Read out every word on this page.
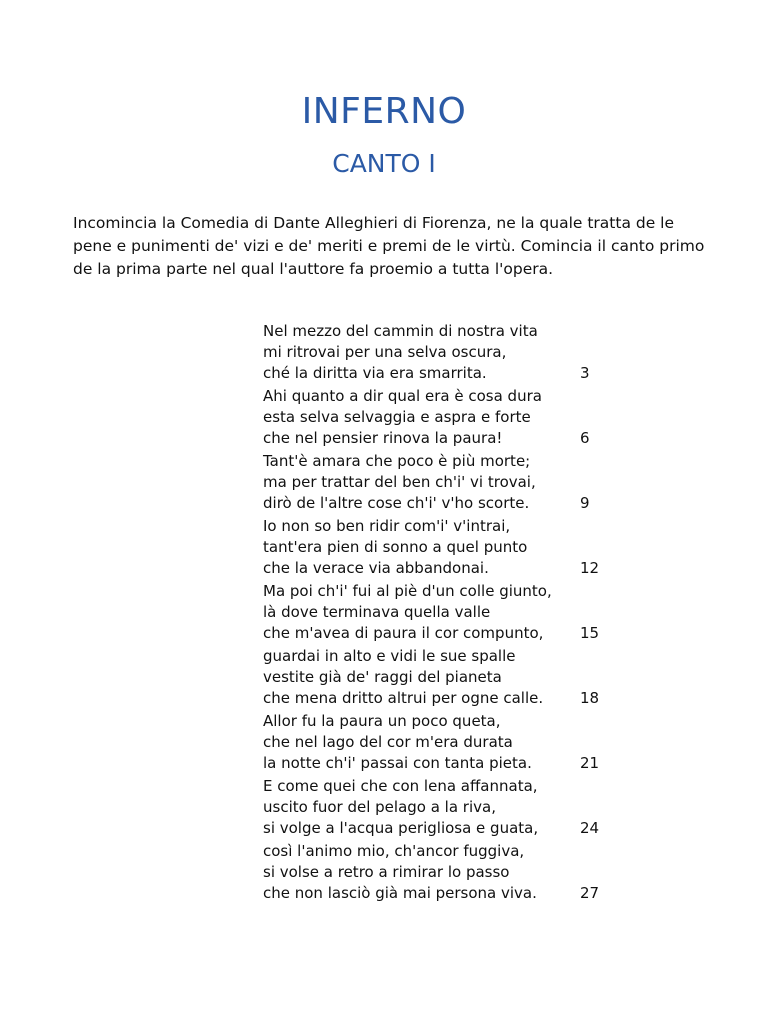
INFERNO
CANTO I
Incomincia la Comedia di Dante Alleghieri di Fiorenza, ne la quale tratta de le pene e punimenti de' vizi e de' meriti e premi de le virtù. Comincia il canto primo de la prima parte nel qual l'auttore fa proemio a tutta l'opera.
Nel mezzo del cammin di nostra vita
mi ritrovai per una selva oscura,
ché la diritta via era smarrita.	3
Ahi quanto a dir qual era è cosa dura
esta selva selvaggia e aspra e forte
che nel pensier rinova la paura!	6
Tant'è amara che poco è più morte;
ma per trattar del ben ch'i' vi trovai,
dirò de l'altre cose ch'i' v'ho scorte.	9
Io non so ben ridir com'i' v'intrai,
tant'era pien di sonno a quel punto
che la verace via abbandonai.	12
Ma poi ch'i' fui al piè d'un colle giunto,
là dove terminava quella valle
che m'avea di paura il cor compunto, 15
guardai in alto e vidi le sue spalle
vestite già de' raggi del pianeta
che mena dritto altrui per ogne calle. 18
Allor fu la paura un poco queta,
che nel lago del cor m'era durata
la notte ch'i' passai con tanta pieta.	21
E come quei che con lena affannata,
uscito fuor del pelago a la riva,
si volge a l'acqua perigliosa e guata,	24
così l'animo mio, ch'ancor fuggiva,
si volse a retro a rimirar lo passo
che non lasciò già mai persona viva.	27
